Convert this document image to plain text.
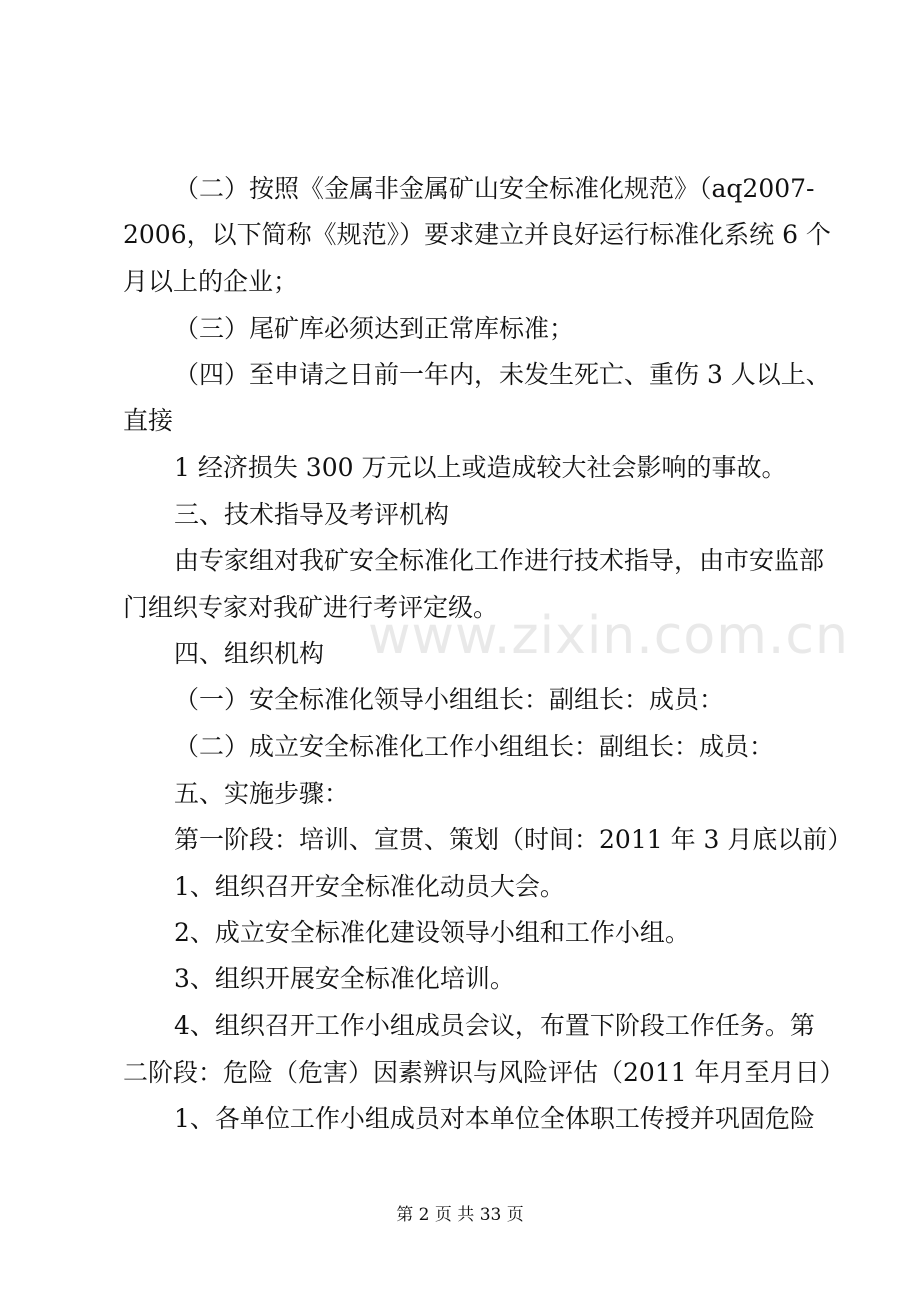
www.zixin.com.cn
（二）按照《金属非金属矿山安全标准化规范》（aq2007-
2006，以下简称《规范》）要求建立并良好运行标准化系统 6 个
月以上的企业；
（三）尾矿库必须达到正常库标准；
（四）至申请之日前一年内，未发生死亡、重伤 3 人以上、
直接
1 经济损失 300 万元以上或造成较大社会影响的事故。
三、技术指导及考评机构
由专家组对我矿安全标准化工作进行技术指导，由市安监部
门组织专家对我矿进行考评定级。
四、组织机构
（一）安全标准化领导小组组长：副组长：成员：
（二）成立安全标准化工作小组组长：副组长：成员：
五、实施步骤：
第一阶段：培训、宣贯、策划（时间：2011 年 3 月底以前）
1、组织召开安全标准化动员大会。
2、成立安全标准化建设领导小组和工作小组。
3、组织开展安全标准化培训。
4、组织召开工作小组成员会议，布置下阶段工作任务。第
二阶段：危险（危害）因素辨识与风险评估（2011 年月至月日）
1、各单位工作小组成员对本单位全体职工传授并巩固危险
第 2 页 共 33 页
